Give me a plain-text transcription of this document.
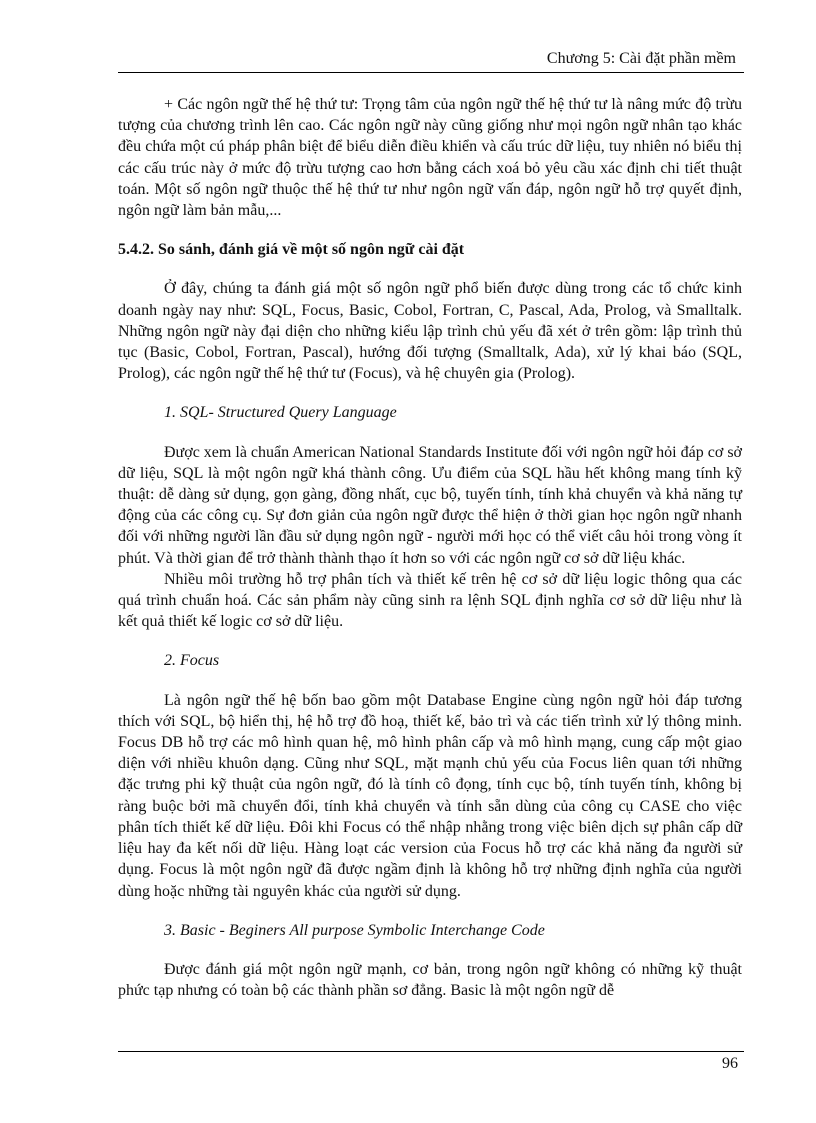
Chương 5: Cài đặt phần mềm

+ Các ngôn ngữ thế hệ thứ tư: Trọng tâm của ngôn ngữ thế hệ thứ tư là nâng mức độ trừu tượng của chương trình lên cao. Các ngôn ngữ này cũng giống như mọi ngôn ngữ nhân tạo khác đều chứa một cú pháp phân biệt để biểu diễn điều khiển và cấu trúc dữ liệu, tuy nhiên nó biểu thị các cấu trúc này ở mức độ trừu tượng cao hơn bằng cách xoá bỏ yêu cầu xác định chi tiết thuật toán. Một số ngôn ngữ thuộc thế hệ thứ tư như ngôn ngữ vấn đáp, ngôn ngữ hỗ trợ quyết định, ngôn ngữ làm bản mẫu,...

5.4.2. So sánh, đánh giá về một số ngôn ngữ cài đặt

Ở đây, chúng ta đánh giá một số ngôn ngữ phổ biến được dùng trong các tổ chức kinh doanh ngày nay như: SQL, Focus, Basic, Cobol, Fortran, C, Pascal, Ada, Prolog, và Smalltalk. Những ngôn ngữ này đại diện cho những kiểu lập trình chủ yếu đã xét ở trên gồm: lập trình thủ tục (Basic, Cobol, Fortran, Pascal), hướng đối tượng (Smalltalk, Ada), xử lý khai báo (SQL, Prolog), các ngôn ngữ thế hệ thứ tư (Focus), và hệ chuyên gia (Prolog).

1. SQL- Structured Query Language

Được xem là chuẩn American National Standards Institute đối với ngôn ngữ hỏi đáp cơ sở dữ liệu, SQL là một ngôn ngữ khá thành công. Ưu điểm của SQL hầu hết không mang tính kỹ thuật: dễ dàng sử dụng, gọn gàng, đồng nhất, cục bộ, tuyến tính, tính khả chuyển và khả năng tự động của các công cụ. Sự đơn giản của ngôn ngữ được thể hiện ở thời gian học ngôn ngữ nhanh đối với những người lần đầu sử dụng ngôn ngữ - người mới học có thể viết câu hỏi trong vòng ít phút. Và thời gian để trở thành thành thạo ít hơn so với các ngôn ngữ cơ sở dữ liệu khác.

Nhiều môi trường hỗ trợ phân tích và thiết kế trên hệ cơ sở dữ liệu logic thông qua các quá trình chuẩn hoá. Các sản phẩm này cũng sinh ra lệnh SQL định nghĩa cơ sở dữ liệu như là kết quả thiết kế logic cơ sở dữ liệu.

2. Focus

Là ngôn ngữ thế hệ bốn bao gồm một Database Engine cùng ngôn ngữ hỏi đáp tương thích với SQL, bộ hiển thị, hệ hỗ trợ đồ hoạ, thiết kế, bảo trì và các tiến trình xử lý thông minh. Focus DB hỗ trợ các mô hình quan hệ, mô hình phân cấp và mô hình mạng, cung cấp một giao diện với nhiều khuôn dạng. Cũng như SQL, mặt mạnh chủ yếu của Focus liên quan tới những đặc trưng phi kỹ thuật của ngôn ngữ, đó là tính cô đọng, tính cục bộ, tính tuyến tính, không bị ràng buộc bởi mã chuyển đổi, tính khả chuyển và tính sẵn dùng của công cụ CASE cho việc phân tích thiết kế dữ liệu. Đôi khi Focus có thể nhập nhằng trong việc biên dịch sự phân cấp dữ liệu hay đa kết nối dữ liệu. Hàng loạt các version của Focus hỗ trợ các khả năng đa người sử dụng. Focus là một ngôn ngữ đã được ngầm định là không hỗ trợ những định nghĩa của người dùng hoặc những tài nguyên khác của người sử dụng.

3. Basic - Beginers All purpose Symbolic Interchange Code

Được đánh giá một ngôn ngữ mạnh, cơ bản, trong ngôn ngữ không có những kỹ thuật phức tạp nhưng có toàn bộ các thành phần sơ đẳng. Basic là một ngôn ngữ dễ

96
